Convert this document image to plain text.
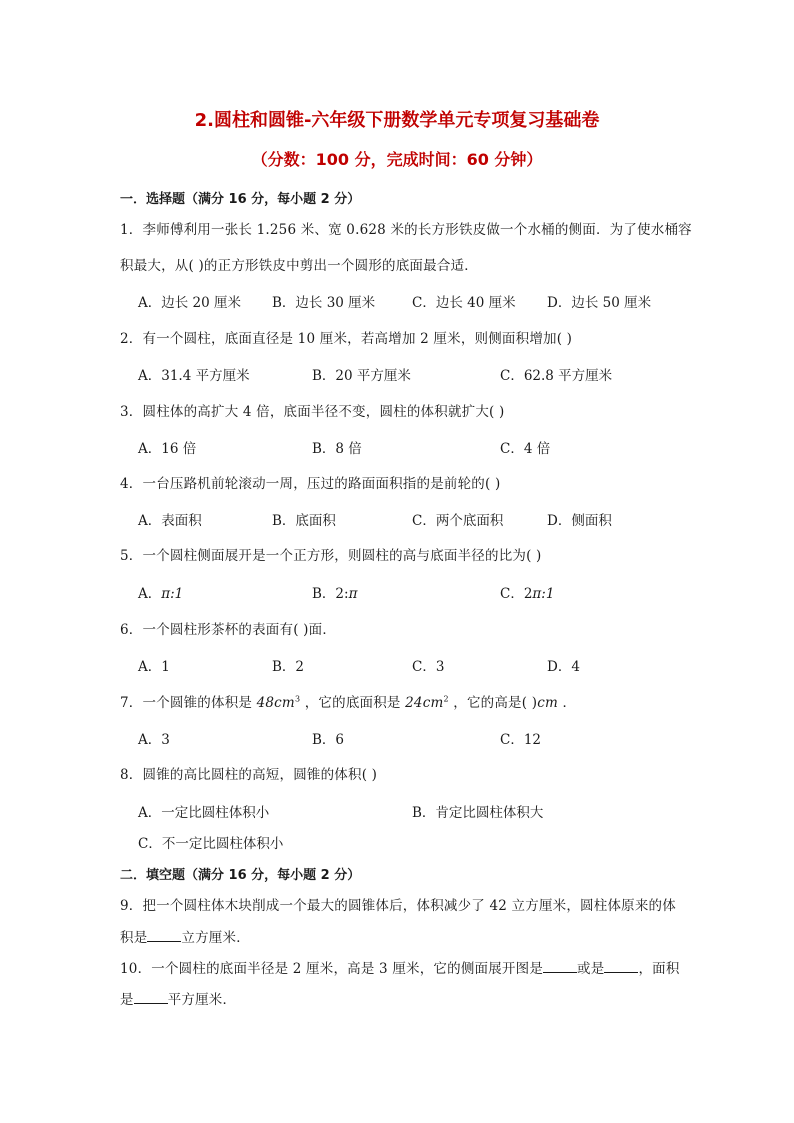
2.圆柱和圆锥-六年级下册数学单元专项复习基础卷
（分数：100 分，完成时间：60 分钟）
一．选择题（满分 16 分，每小题 2 分）
1．李师傅利用一张长 1.256 米、宽 0.628 米的长方形铁皮做一个水桶的侧面．为了使水桶容
积最大，从( )的正方形铁皮中剪出一个圆形的底面最合适．
A．边长 20 厘米 B．边长 30 厘米	C．边长 40 厘米 D．边长 50 厘米
2．有一个圆柱，底面直径是 10 厘米，若高增加 2 厘米，则侧面积增加( )
A．31.4 平方厘米	B．20 平方厘米	C．62.8 平方厘米
3．圆柱体的高扩大 4 倍，底面半径不变，圆柱的体积就扩大( )
A．16 倍	B．8 倍	C．4 倍
4．一台压路机前轮滚动一周，压过的路面面积指的是前轮的( )
A．表面积	B．底面积	C．两个底面积	D．侧面积
5．一个圆柱侧面展开是一个正方形，则圆柱的高与底面半径的比为( )
A．π:1	B．2:π	C．2π:1
6．一个圆柱形茶杯的表面有( )面．
A．1	B．2	C．3	D．4
7．一个圆锥的体积是 $48cm^3$ ，它的底面积是 $24cm^2$ ，它的高是( )cm ．
A．3	B．6	C．12
8．圆锥的高比圆柱的高短，圆锥的体积( )
A．一定比圆柱体积小	B．肯定比圆柱体积大
C．不一定比圆柱体积小
二．填空题（满分 16 分，每小题 2 分）
9．把一个圆柱体木块削成一个最大的圆锥体后，体积减少了 42 立方厘米，圆柱体原来的体
积是	立方厘米．
10．一个圆柱的底面半径是 2 厘米，高是 3 厘米，它的侧面展开图是	或是	，面积
是	平方厘米．
